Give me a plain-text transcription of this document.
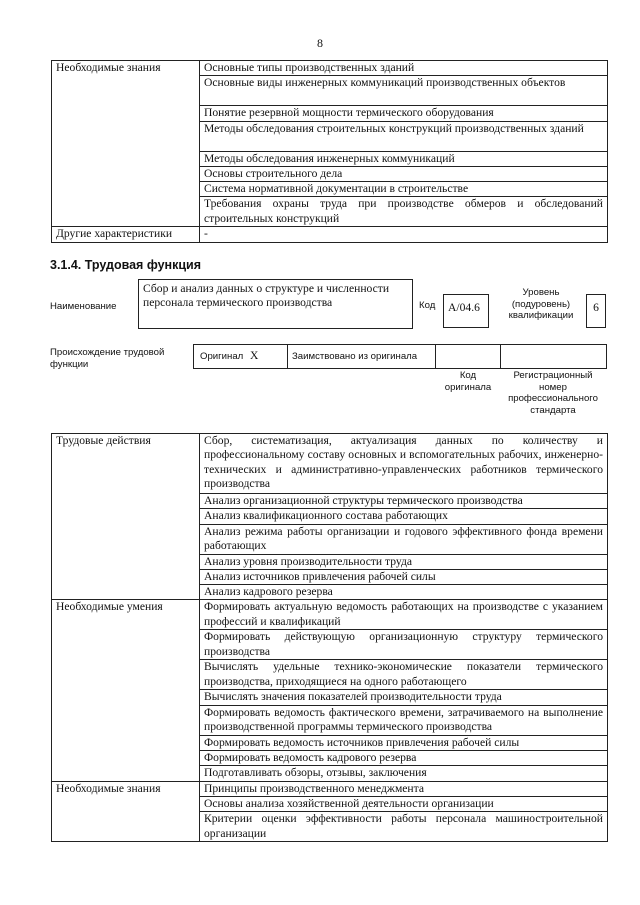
8
Необходимые знания	Основные типы производственных зданий
	Основные виды инженерных коммуникаций производственных объектов
	Понятие резервной мощности термического оборудования
	Методы обследования строительных конструкций производственных зданий
	Методы обследования инженерных коммуникаций
	Основы строительного дела
	Система нормативной документации в строительстве
	Требования охраны труда при производстве обмеров и обследований строительных конструкций
Другие характеристики	-
3.1.4. Трудовая функция
Наименование
Сбор и анализ данных о структуре и численности персонала термического производства	Код	A/04.6
Уровень (подуровень) квалификации
6
Происхождение трудовой функции
Оригинал X	Заимствовано из оригинала
Код оригинала
Регистрационный номер профессионального стандарта
Трудовые действия	Сбор, систематизация, актуализация данных по количеству и профессиональному составу основных и вспомогательных рабочих, инженерно-технических и административно-управленческих работников термического производства
	Анализ организационной структуры термического производства
	Анализ квалификационного состава работающих
	Анализ режима работы организации и годового эффективного фонда времени работающих
	Анализ уровня производительности труда
	Анализ источников привлечения рабочей силы
	Анализ кадрового резерва
Необходимые умения	Формировать актуальную ведомость работающих на производстве с указанием профессий и квалификаций
	Формировать действующую организационную структуру термического производства
	Вычислять удельные технико-экономические показатели термического производства, приходящиеся на одного работающего
	Вычислять значения показателей производительности труда
	Формировать ведомость фактического времени, затрачиваемого на выполнение производственной программы термического производства
	Формировать ведомость источников привлечения рабочей силы
	Формировать ведомость кадрового резерва
	Подготавливать обзоры, отзывы, заключения
Необходимые знания	Принципы производственного менеджмента
	Основы анализа хозяйственной деятельности организации
	Критерии оценки эффективности работы персонала машиностроительной организации
